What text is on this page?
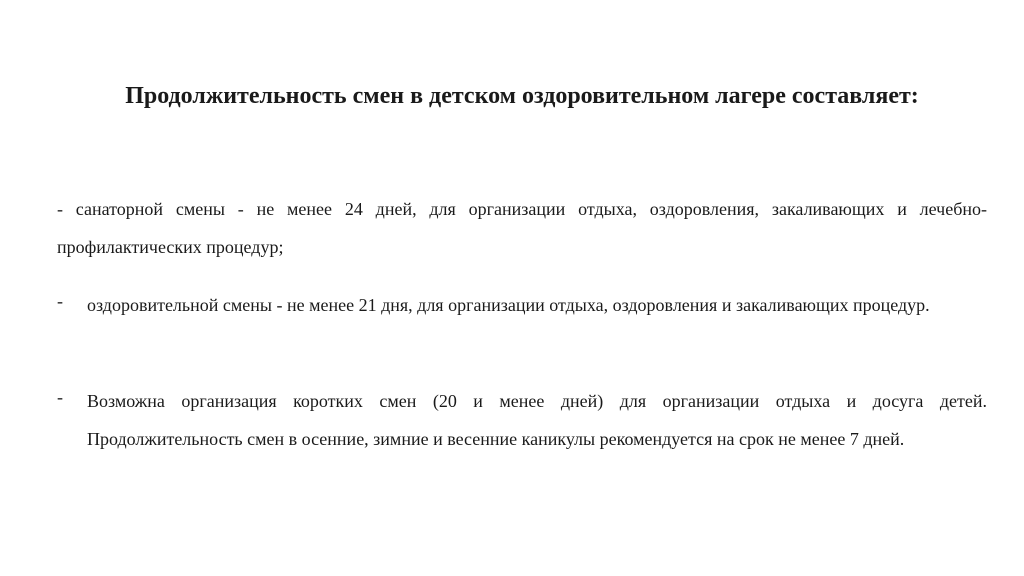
Продолжительность смен в детском оздоровительном лагере составляет:

- санаторной смены - не менее 24 дней, для организации отдыха, оздоровления, закаливающих и лечебно-профилактических процедур;

-	оздоровительной смены - не менее 21 дня, для организации отдыха, оздоровления и закаливающих процедур.
-	Возможна организация коротких смен (20 и менее дней) для организации отдыха и досуга детей. Продолжительность смен в осенние, зимние и весенние каникулы рекомендуется на срок не менее 7 дней.
